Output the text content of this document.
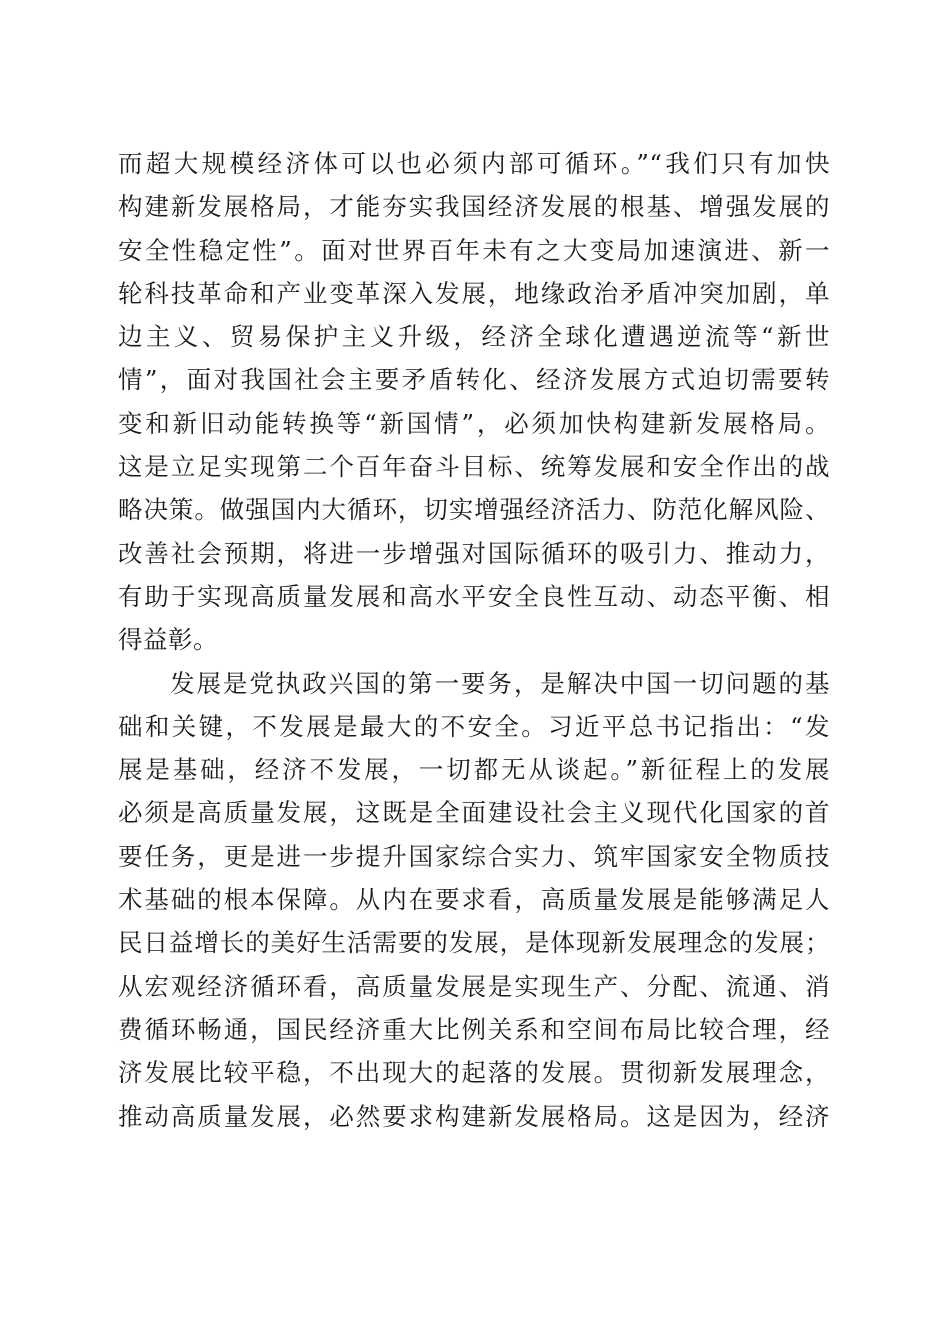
而超大规模经济体可以也必须内部可循环。”“我们只有加快
构建新发展格局，才能夯实我国经济发展的根基、增强发展的
安全性稳定性”。面对世界百年未有之大变局加速演进、新一
轮科技革命和产业变革深入发展，地缘政治矛盾冲突加剧，单
边主义、贸易保护主义升级，经济全球化遭遇逆流等“新世
情”，面对我国社会主要矛盾转化、经济发展方式迫切需要转
变和新旧动能转换等“新国情”，必须加快构建新发展格局。
这是立足实现第二个百年奋斗目标、统筹发展和安全作出的战
略决策。做强国内大循环，切实增强经济活力、防范化解风险、
改善社会预期，将进一步增强对国际循环的吸引力、推动力，
有助于实现高质量发展和高水平安全良性互动、动态平衡、相
得益彰。
发展是党执政兴国的第一要务，是解决中国一切问题的基
础和关键，不发展是最大的不安全。习近平总书记指出：“发
展是基础，经济不发展，一切都无从谈起。”新征程上的发展
必须是高质量发展，这既是全面建设社会主义现代化国家的首
要任务，更是进一步提升国家综合实力、筑牢国家安全物质技
术基础的根本保障。从内在要求看，高质量发展是能够满足人
民日益增长的美好生活需要的发展，是体现新发展理念的发展；
从宏观经济循环看，高质量发展是实现生产、分配、流通、消
费循环畅通，国民经济重大比例关系和空间布局比较合理，经
济发展比较平稳，不出现大的起落的发展。贯彻新发展理念，
推动高质量发展，必然要求构建新发展格局。这是因为，经济
